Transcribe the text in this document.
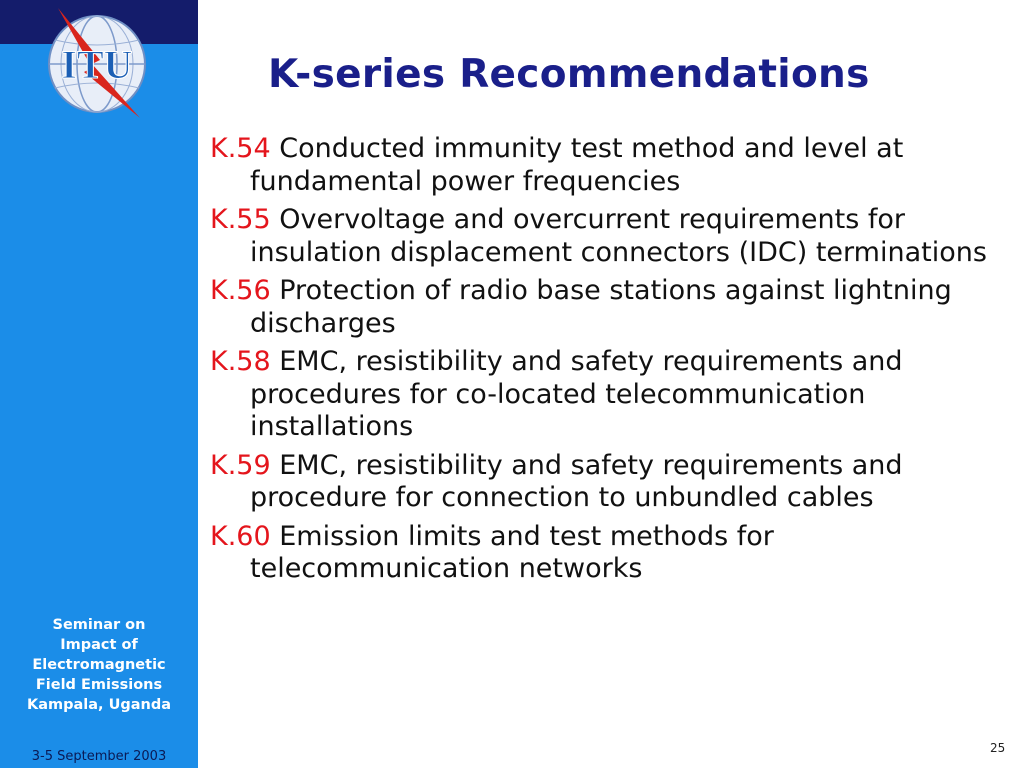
ITU
Seminar on
Impact of
Electromagnetic
Field Emissions
Kampala, Uganda
3-5 September 2003
K-series Recommendations
K.54 Conducted immunity test method and level at fundamental power frequencies
K.55 Overvoltage and overcurrent requirements for insulation displacement connectors (IDC) terminations
K.56 Protection of radio base stations against lightning discharges
K.58 EMC, resistibility and safety requirements and procedures for co-located telecommunication installations
K.59 EMC, resistibility and safety requirements and procedure for connection to unbundled cables
K.60 Emission limits and test methods for telecommunication networks
25
